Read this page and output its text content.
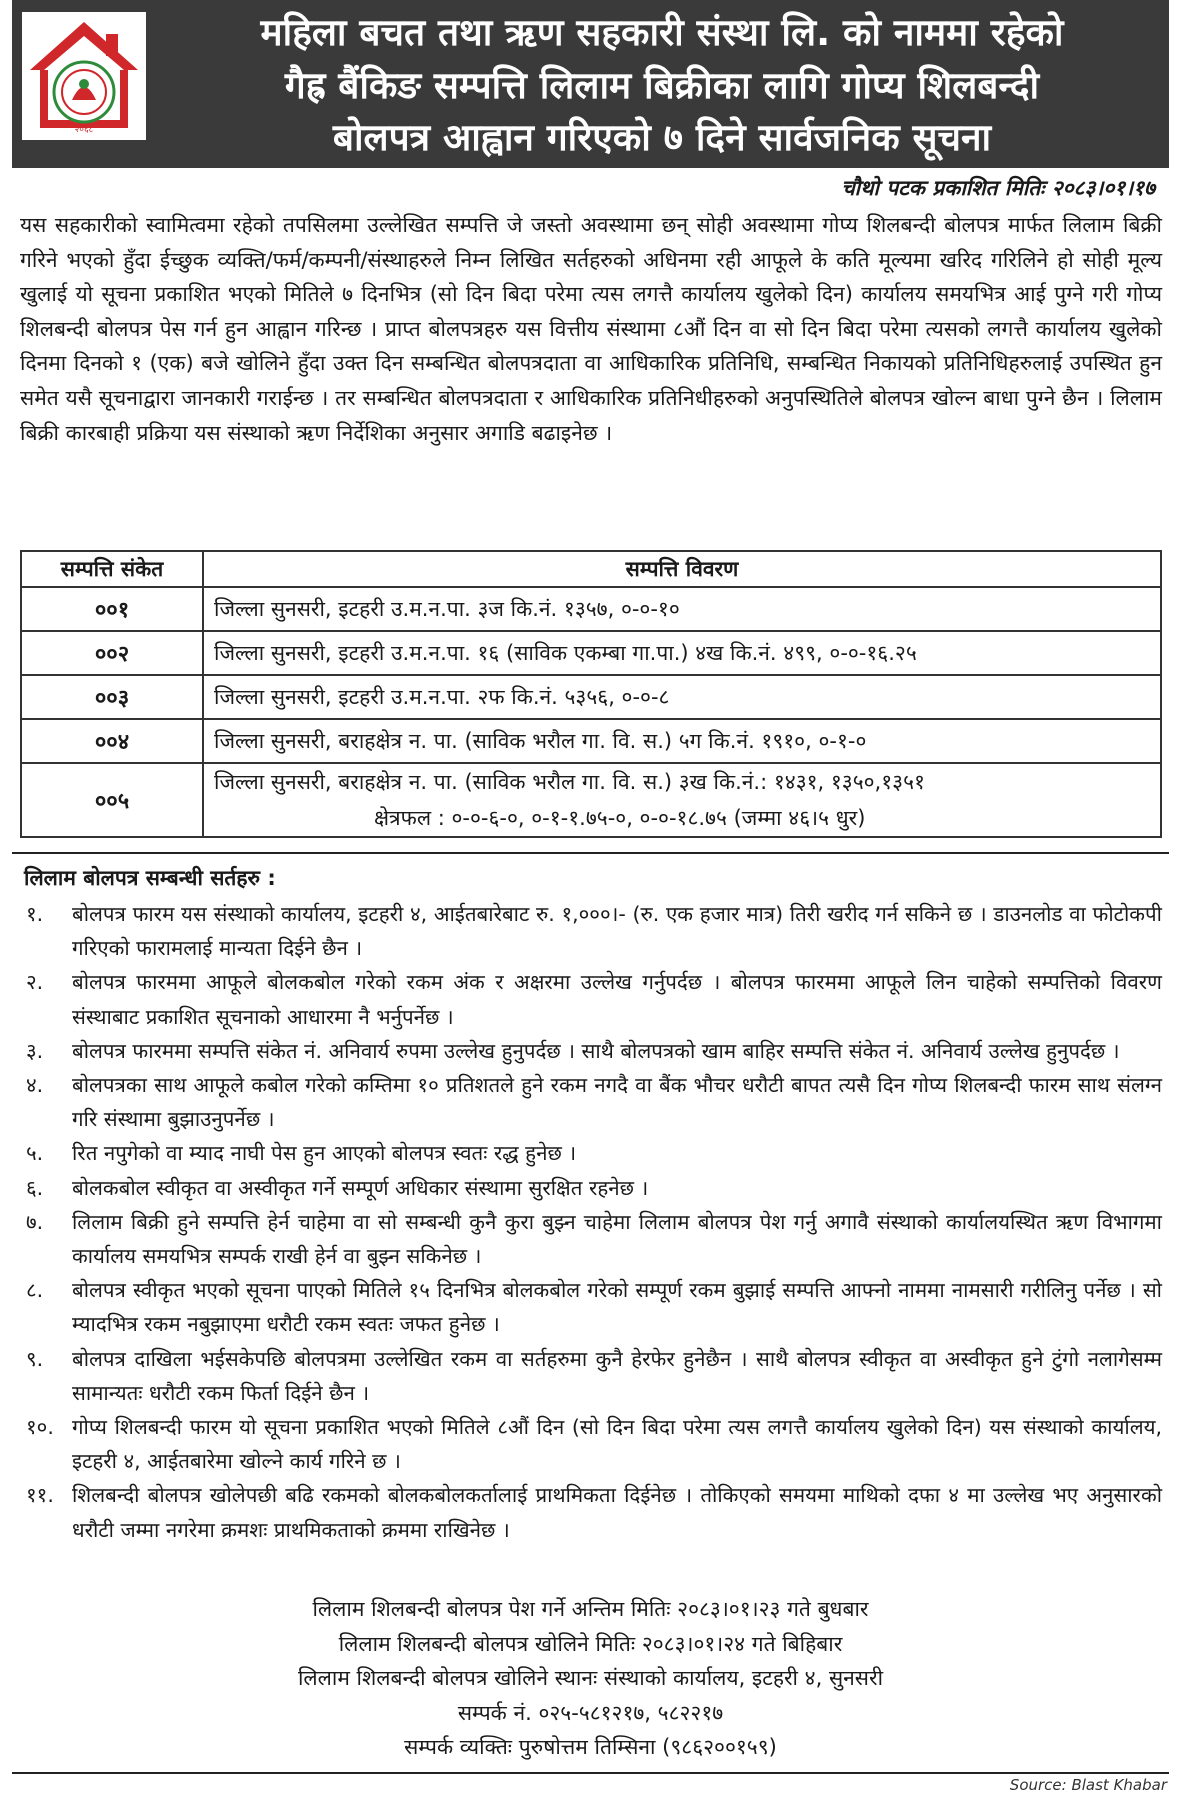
२०६८
महिला बचत तथा ऋण सहकारी संस्था लि. को नाममा रहेको
गैह्र बैंकिङ सम्पत्ति लिलाम बिक्रीका लागि गोप्य शिलबन्दी
बोलपत्र आह्वान गरिएको ७ दिने सार्वजनिक सूचना
चौथो पटक प्रकाशित मितिः २०८३।०१।१७

यस सहकारीको स्वामित्वमा रहेको तपसिलमा उल्लेखित सम्पत्ति जे जस्तो अवस्थामा छन् सोही अवस्थामा गोप्य शिलबन्दी बोलपत्र मार्फत लिलाम बिक्री गरिने भएको हुँदा ईच्छुक व्यक्ति/फर्म/कम्पनी/संस्थाहरुले निम्न लिखित सर्तहरुको अधिनमा रही आफूले के कति मूल्यमा खरिद गरिलिने हो सोही मूल्य खुलाई यो सूचना प्रकाशित भएको मितिले ७ दिनभित्र (सो दिन बिदा परेमा त्यस लगत्तै कार्यालय खुलेको दिन) कार्यालय समयभित्र आई पुग्ने गरी गोप्य शिलबन्दी बोलपत्र पेस गर्न हुन आह्वान गरिन्छ । प्राप्त बोलपत्रहरु यस वित्तीय संस्थामा ८औं दिन वा सो दिन बिदा परेमा त्यसको लगत्तै कार्यालय खुलेको दिनमा दिनको १ (एक) बजे खोलिने हुँदा उक्त दिन सम्बन्धित बोलपत्रदाता वा आधिकारिक प्रतिनिधि, सम्बन्धित निकायको प्रतिनिधिहरुलाई उपस्थित हुन समेत यसै सूचनाद्वारा जानकारी गराईन्छ । तर सम्बन्धित बोलपत्रदाता र आधिकारिक प्रतिनिधीहरुको अनुपस्थितिले बोलपत्र खोल्न बाधा पुग्ने छैन । लिलाम बिक्री कारबाही प्रक्रिया यस संस्थाको ऋण निर्देशिका अनुसार अगाडि बढाइनेछ ।

सम्पत्ति संकेत	सम्पत्ति विवरण
००१	जिल्ला सुनसरी, इटहरी उ.म.न.पा. ३ज कि.नं. १३५७, ०-०-१०
००२	जिल्ला सुनसरी, इटहरी उ.म.न.पा. १६ (साविक एकम्बा गा.पा.) ४ख कि.नं. ४९९, ०-०-१६.२५
००३	जिल्ला सुनसरी, इटहरी उ.म.न.पा. २फ कि.नं. ५३५६, ०-०-८
००४	जिल्ला सुनसरी, बराहक्षेत्र न. पा. (साविक भरौल गा. वि. स.) ५ग कि.नं. १९१०, ०-१-०
००५	जिल्ला सुनसरी, बराहक्षेत्र न. पा. (साविक भरौल गा. वि. स.) ३ख कि.नं.: १४३१, १३५०,१३५१
क्षेत्रफल : ०-०-६-०, ०-१-१.७५-०, ०-०-१८.७५ (जम्मा ४६।५ धुर)
लिलाम बोलपत्र सम्बन्धी सर्तहरु :
१.	बोलपत्र फारम यस संस्थाको कार्यालय, इटहरी ४, आईतबारेबाट रु. १,०००।- (रु. एक हजार मात्र) तिरी खरीद गर्न सकिने छ । डाउनलोड वा फोटोकपी गरिएको फारामलाई मान्यता दिईने छैन ।
२.	बोलपत्र फारममा आफूले बोलकबोल गरेको रकम अंक र अक्षरमा उल्लेख गर्नुपर्दछ । बोलपत्र फारममा आफूले लिन चाहेको सम्पत्तिको विवरण संस्थाबाट प्रकाशित सूचनाको आधारमा नै भर्नुपर्नेछ ।
३.	बोलपत्र फारममा सम्पत्ति संकेत नं. अनिवार्य रुपमा उल्लेख हुनुपर्दछ । साथै बोलपत्रको खाम बाहिर सम्पत्ति संकेत नं. अनिवार्य उल्लेख हुनुपर्दछ ।
४.	बोलपत्रका साथ आफूले कबोल गरेको कम्तिमा १० प्रतिशतले हुने रकम नगदै वा बैंक भौचर धरौटी बापत त्यसै दिन गोप्य शिलबन्दी फारम साथ संलग्न गरि संस्थामा बुझाउनुपर्नेछ ।
५.	रित नपुगेको वा म्याद नाघी पेस हुन आएको बोलपत्र स्वतः रद्ध हुनेछ ।
६.	बोलकबोल स्वीकृत वा अस्वीकृत गर्ने सम्पूर्ण अधिकार संस्थामा सुरक्षित रहनेछ ।
७.	लिलाम बिक्री हुने सम्पत्ति हेर्न चाहेमा वा सो सम्बन्धी कुनै कुरा बुझ्न चाहेमा लिलाम बोलपत्र पेश गर्नु अगावै संस्थाको कार्यालयस्थित ऋण विभागमा कार्यालय समयभित्र सम्पर्क राखी हेर्न वा बुझ्न सकिनेछ ।
८.	बोलपत्र स्वीकृत भएको सूचना पाएको मितिले १५ दिनभित्र बोलकबोल गरेको सम्पूर्ण रकम बुझाई सम्पत्ति आफ्नो नाममा नामसारी गरीलिनु पर्नेछ । सो म्यादभित्र रकम नबुझाएमा धरौटी रकम स्वतः जफत हुनेछ ।
९.	बोलपत्र दाखिला भईसकेपछि बोलपत्रमा उल्लेखित रकम वा सर्तहरुमा कुनै हेरफेर हुनेछैन । साथै बोलपत्र स्वीकृत वा अस्वीकृत हुने टुंगो नलागेसम्म सामान्यतः धरौटी रकम फिर्ता दिईने छैन ।
१०. गोप्य शिलबन्दी फारम यो सूचना प्रकाशित भएको मितिले ८औं दिन (सो दिन बिदा परेमा त्यस लगत्तै कार्यालय खुलेको दिन) यस संस्थाको कार्यालय, इटहरी ४, आईतबारेमा खोल्ने कार्य गरिने छ ।
११. शिलबन्दी बोलपत्र खोलेपछी बढि रकमको बोलकबोलकर्तालाई प्राथमिकता दिईनेछ । तोकिएको समयमा माथिको दफा ४ मा उल्लेख भए अनुसारको धरौटी जम्मा नगरेमा क्रमशः प्राथमिकताको क्रममा राखिनेछ ।
लिलाम शिलबन्दी बोलपत्र पेश गर्ने अन्तिम मितिः २०८३।०१।२३ गते बुधबार
लिलाम शिलबन्दी बोलपत्र खोलिने मितिः २०८३।०१।२४ गते बिहिबार
लिलाम शिलबन्दी बोलपत्र खोलिने स्थानः संस्थाको कार्यालय, इटहरी ४, सुनसरी
सम्पर्क नं. ०२५-५८१२१७, ५८२२१७
सम्पर्क व्यक्तिः पुरुषोत्तम तिम्सिना (९८६२००१५९)
Source: Blast Khabar
